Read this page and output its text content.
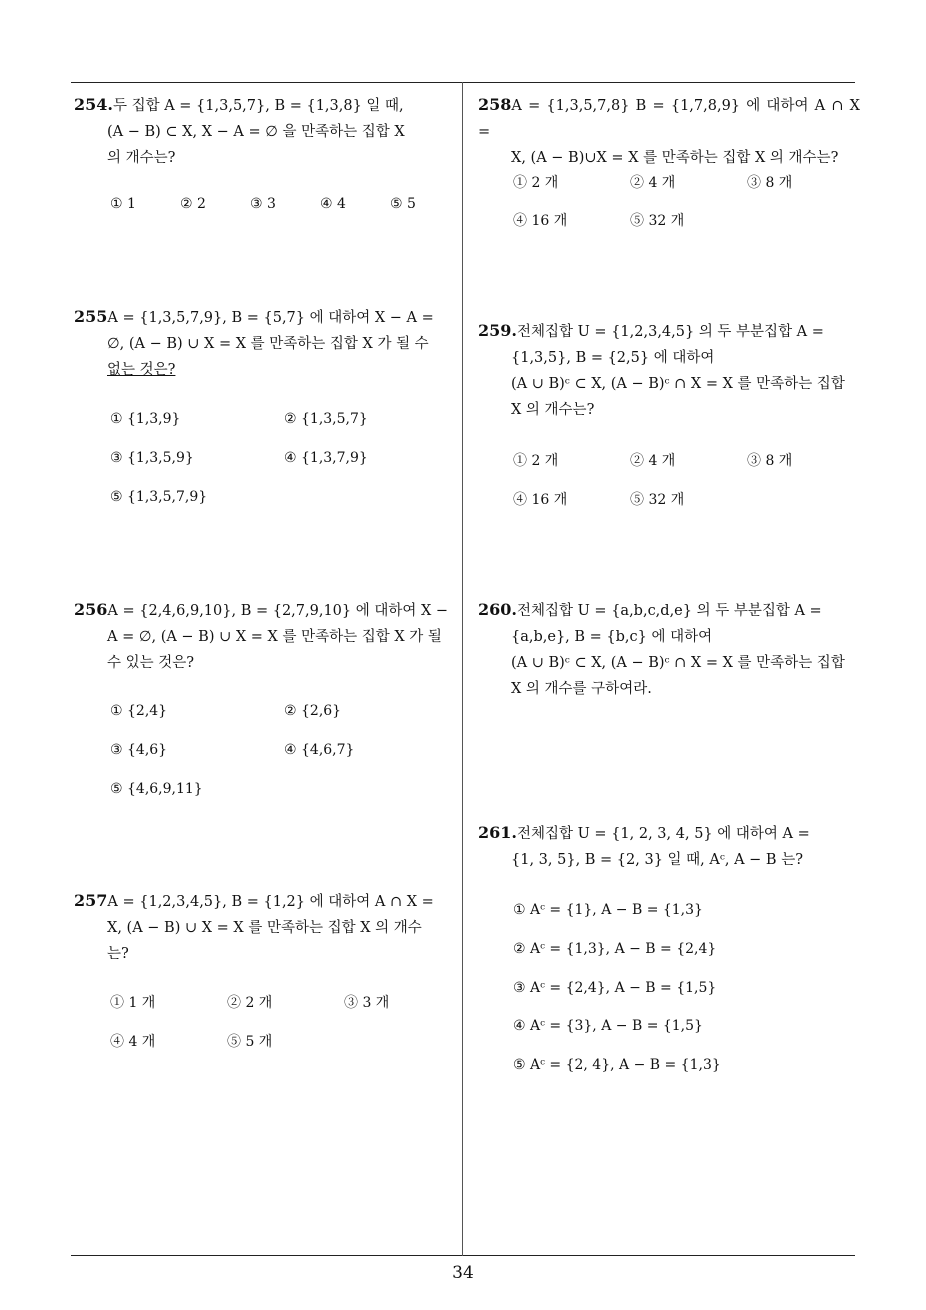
254.두 집합 A = {1,3,5,7}, B = {1,3,8} 일 때,
(A − B) ⊂ X, X − A = ∅ 을 만족하는 집합 X
의 개수는?
① 1	② 2	③ 3	④ 4	⑤ 5
255A = {1,3,5,7,9}, B = {5,7} 에 대하여 X − A =
∅, (A − B) ∪ X = X 를 만족하는 집합 X 가 될 수
없는 것은?
① {1,3,9}	② {1,3,5,7}
③ {1,3,5,9}	④ {1,3,7,9}
⑤ {1,3,5,7,9}
256A = {2,4,6,9,10}, B = {2,7,9,10} 에 대하여 X −
A = ∅, (A − B) ∪ X = X 를 만족하는 집합 X 가 될
수 있는 것은?
① {2,4}	② {2,6}
③ {4,6}	④ {4,6,7}
⑤ {4,6,9,11}
257A = {1,2,3,4,5}, B = {1,2} 에 대하여 A ∩ X =
X, (A − B) ∪ X = X 를 만족하는 집합 X 의 개수
는?
① 1 개	② 2 개	③ 3 개
④ 4 개	⑤ 5 개
258A = {1,3,5,7,8} B = {1,7,8,9} 에 대하여 A ∩ X =
X, (A − B)∪X = X 를 만족하는 집합 X 의 개수는?
① 2 개	② 4 개	③ 8 개
④ 16 개	⑤ 32 개
259.전체집합 U = {1,2,3,4,5} 의 두 부분집합 A =
{1,3,5}, B = {2,5} 에 대하여
(A ∪ B)ᶜ ⊂ X, (A − B)ᶜ ∩ X = X 를 만족하는 집합
X 의 개수는?
① 2 개	② 4 개	③ 8 개
④ 16 개	⑤ 32 개
260.전체집합 U = {a,b,c,d,e} 의 두 부분집합 A =
{a,b,e}, B = {b,c} 에 대하여
(A ∪ B)ᶜ ⊂ X, (A − B)ᶜ ∩ X = X 를 만족하는 집합
X 의 개수를 구하여라.
261.전체집합 U = {1, 2, 3, 4, 5} 에 대하여 A =
{1, 3, 5}, B = {2, 3} 일 때, Aᶜ, A − B 는?
① Aᶜ = {1}, A − B = {1,3}
② Aᶜ = {1,3}, A − B = {2,4}
③ Aᶜ = {2,4}, A − B = {1,5}
④ Aᶜ = {3}, A − B = {1,5}
⑤ Aᶜ = {2, 4}, A − B = {1,3}
34
